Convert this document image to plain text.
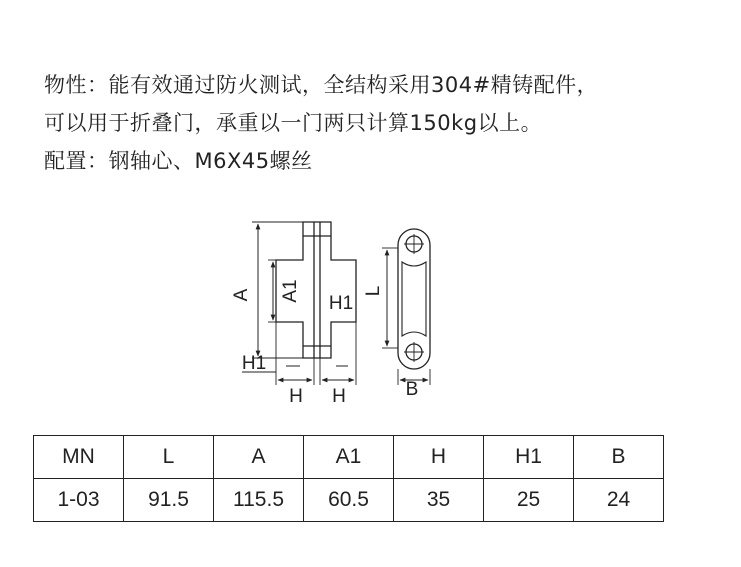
物性：能有效通过防火测试，全结构采用304#精铸配件，
可以用于折叠门，承重以一门两只计算150kg以上。
配置：钢轴心、M6X45螺丝
A A1
H1
H1
H H
L
B
MN	L	A	A1	H	H1	B
1-03	91.5	115.5	60.5	35	25	24
